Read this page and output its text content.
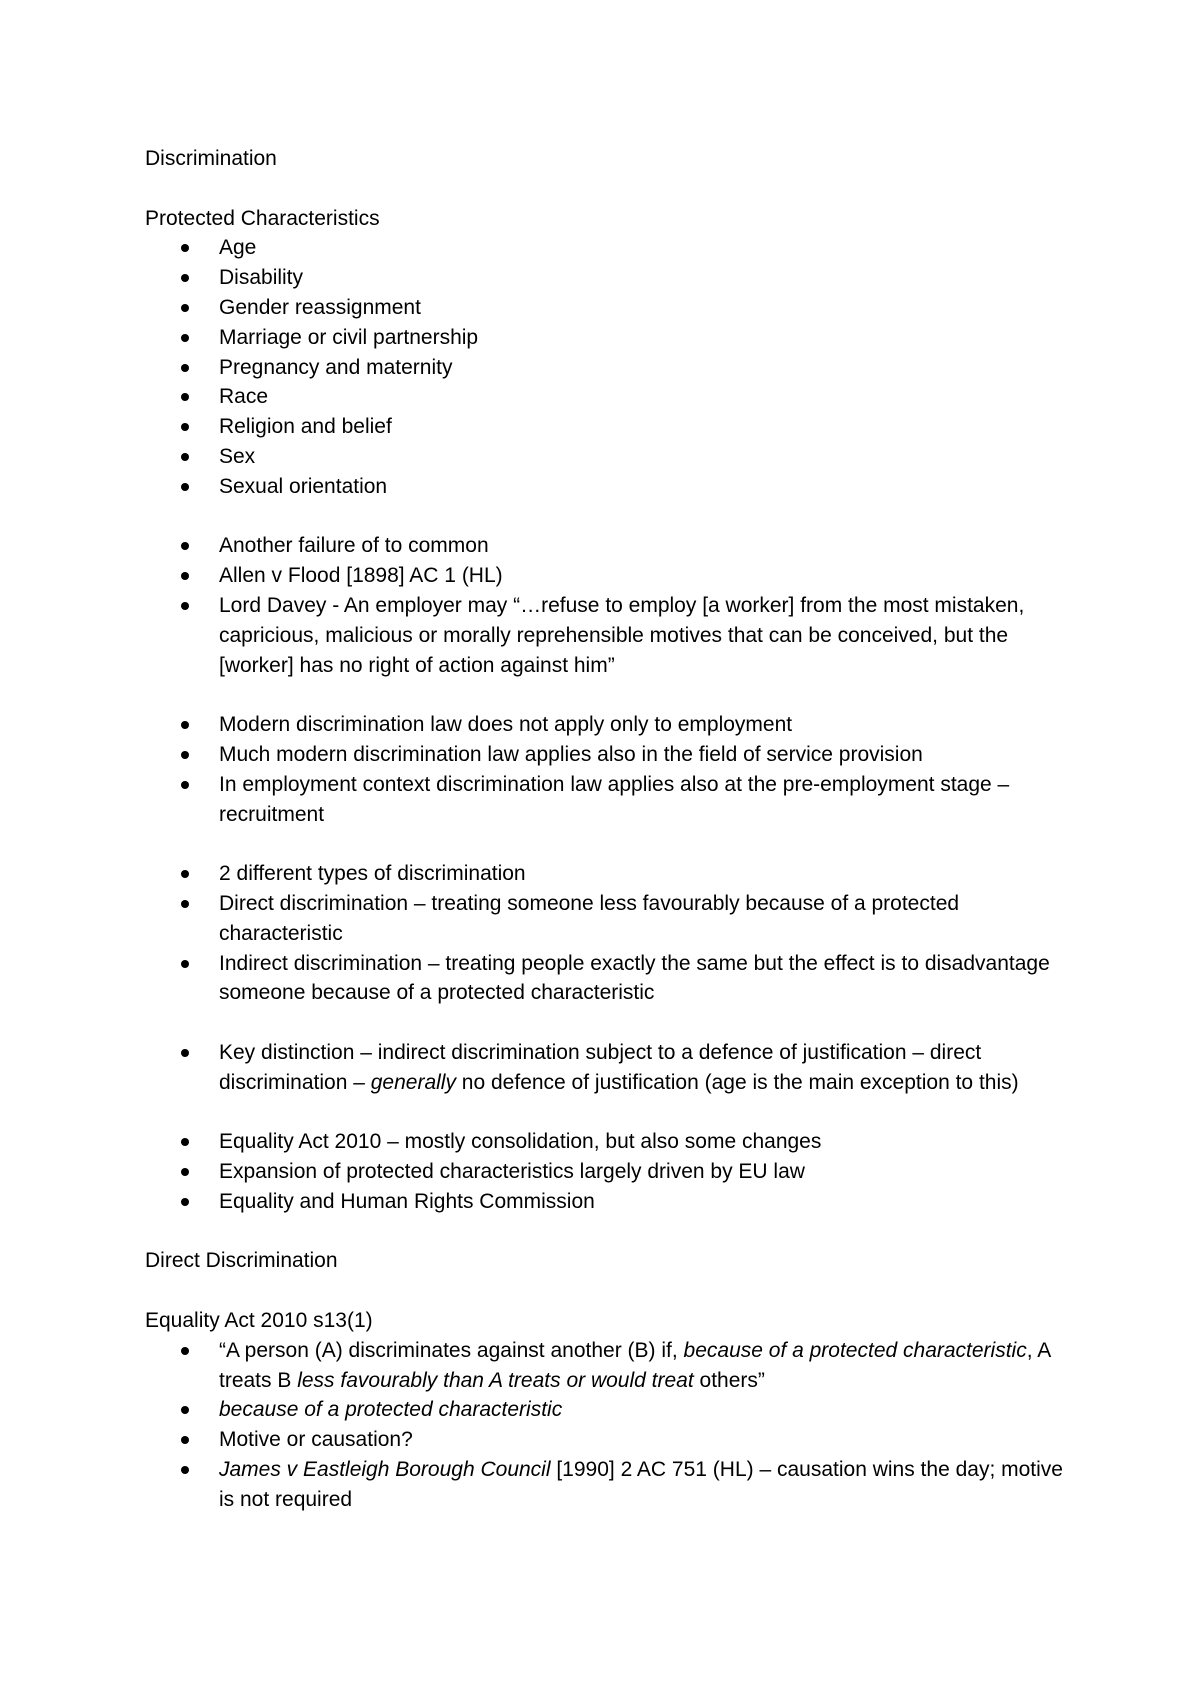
Discrimination

Protected Characteristics

Age
Disability
Gender reassignment
Marriage or civil partnership
Pregnancy and maternity
Race
Religion and belief
Sex
Sexual orientation
Another failure of to common
Allen v Flood [1898] AC 1 (HL)
Lord Davey - An employer may “…refuse to employ [a worker] from the most mistaken, capricious, malicious or morally reprehensible motives that can be conceived, but the [worker] has no right of action against him”
Modern discrimination law does not apply only to employment
Much modern discrimination law applies also in the field of service provision
In employment context discrimination law applies also at the pre-employment stage – recruitment
2 different types of discrimination
Direct discrimination – treating someone less favourably because of a protected characteristic
Indirect discrimination – treating people exactly the same but the effect is to disadvantage someone because of a protected characteristic
Key distinction – indirect discrimination subject to a defence of justification – direct discrimination – generally no defence of justification (age is the main exception to this)
Equality Act 2010 – mostly consolidation, but also some changes
Expansion of protected characteristics largely driven by EU law
Equality and Human Rights Commission

Direct Discrimination

Equality Act 2010 s13(1)

“A person (A) discriminates against another (B) if, because of a protected characteristic, A treats B less favourably than A treats or would treat others”
because of a protected characteristic
Motive or causation?
James v Eastleigh Borough Council [1990] 2 AC 751 (HL) – causation wins the day; motive is not required
